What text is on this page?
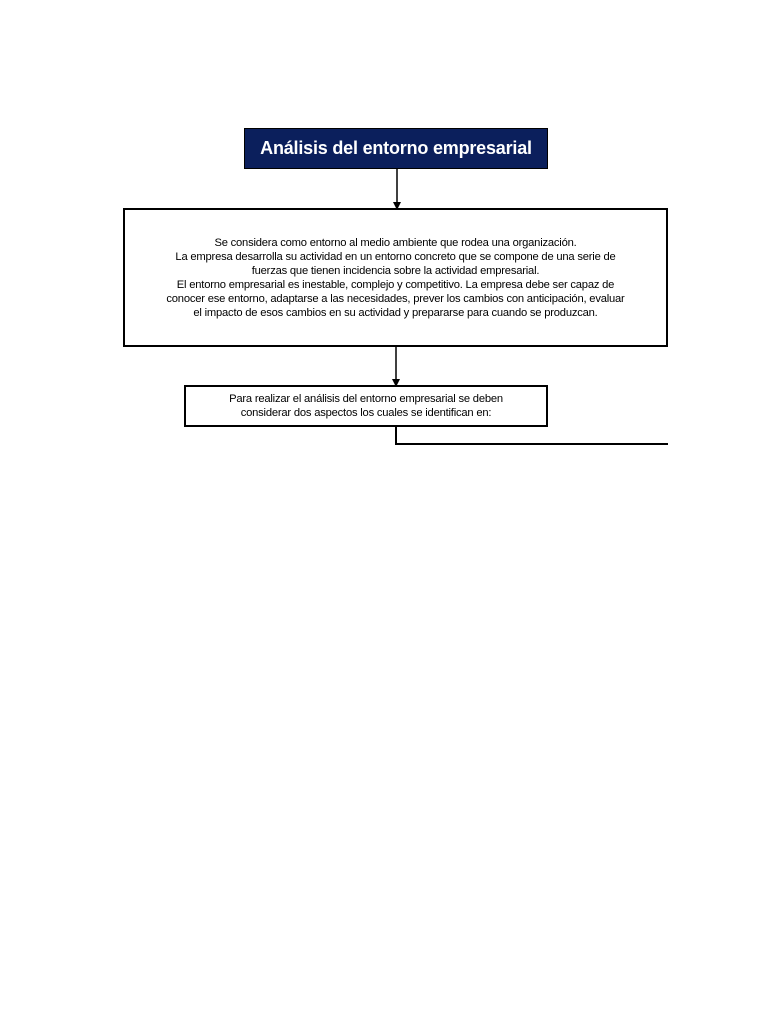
Análisis del entorno empresarial
Se considera como entorno al medio ambiente que rodea una organización.
La empresa desarrolla su actividad en un entorno concreto que se compone de una serie de
fuerzas que tienen incidencia sobre la actividad empresarial.
El entorno empresarial es inestable, complejo y competitivo. La empresa debe ser capaz de
conocer ese entorno, adaptarse a las necesidades, prever los cambios con anticipación, evaluar
el impacto de esos cambios en su actividad y prepararse para cuando se produzcan.
Para realizar el análisis del entorno empresarial se deben
considerar dos aspectos los cuales se identifican en:
